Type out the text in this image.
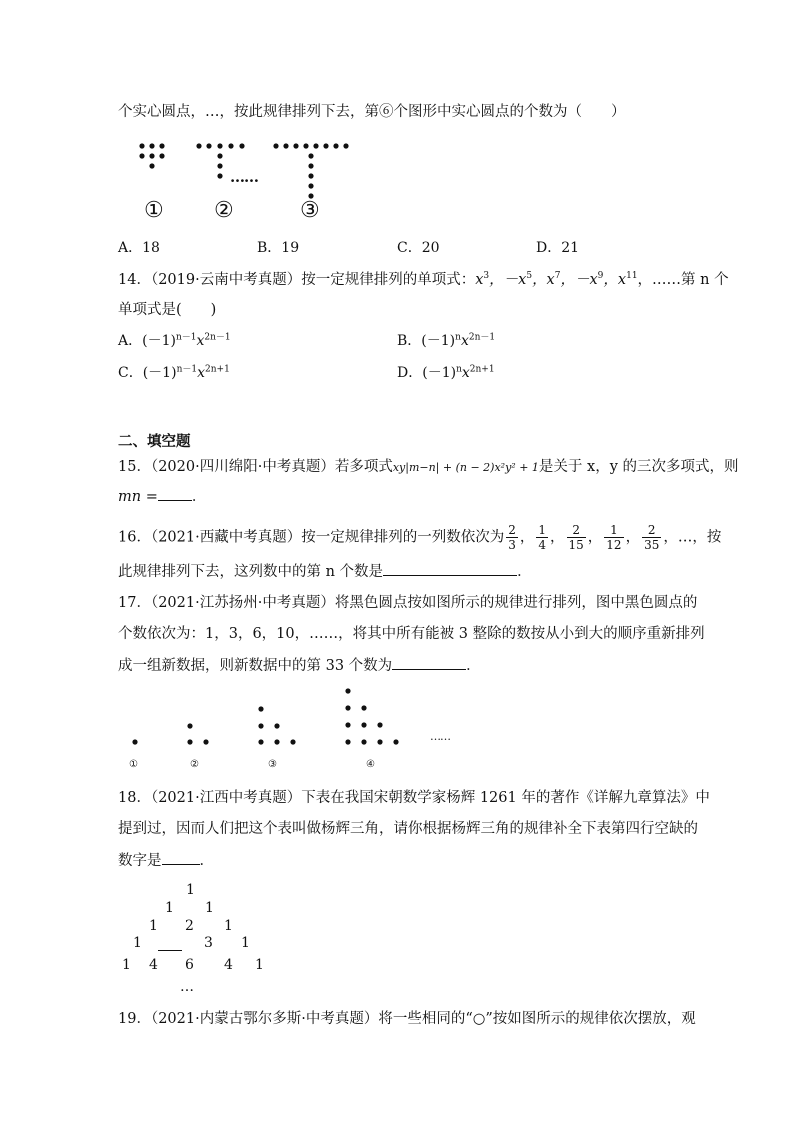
个实心圆点，…，按此规律排列下去，第⑥个图形中实心圆点的个数为（　　）
……
① ②	③
A．18	B．19	C．20	D．21
14．（2019·云南中考真题）按一定规律排列的单项式：$x^3$，$-x^5$，$x^7$，$-x^9$，$x^{11}$，……第 n 个
单项式是(　　)
A．$(-1)^{n-1}x^{2n-1}$	B．$(-1)^nx^{2n-1}$
C．$(-1)^{n-1}x^{2n+1}$	D．$(-1)^nx^{2n+1}$
二、填空题
15．（2020·四川绵阳·中考真题）若多项式xy|m−n| + (n − 2)x²y² + 1是关于 x，y 的三次多项式，则
mn = ．
16．（2021·西藏中考真题）按一定规律排列的一列数依次为 $\frac{2}{3}$ ， $\frac{1}{4}$ ， $\frac{2}{15}$ ， $\frac{1}{12}$ ， $\frac{2}{35}$ ，…，按
此规律排列下去，这列数中的第 n 个数是	．
17．（2021·江苏扬州·中考真题）将黑色圆点按如图所示的规律进行排列，图中黑色圆点的
个数依次为：1，3，6，10，……，将其中所有能被 3 整除的数按从小到大的顺序重新排列
成一组新数据，则新数据中的第 33 个数为	．
……
①	②	③	④
18．（2021·江西中考真题）下表在我国宋朝数学家杨辉 1261 年的著作《详解九章算法》中
提到过，因而人们把这个表叫做杨辉三角，请你根据杨辉三角的规律补全下表第四行空缺的
数字是	．
1
1 1
1 2 1
1	3 1
1 4 6 4 1
…
19．（2021·内蒙古鄂尔多斯·中考真题）将一些相同的“○”按如图所示的规律依次摆放，观
